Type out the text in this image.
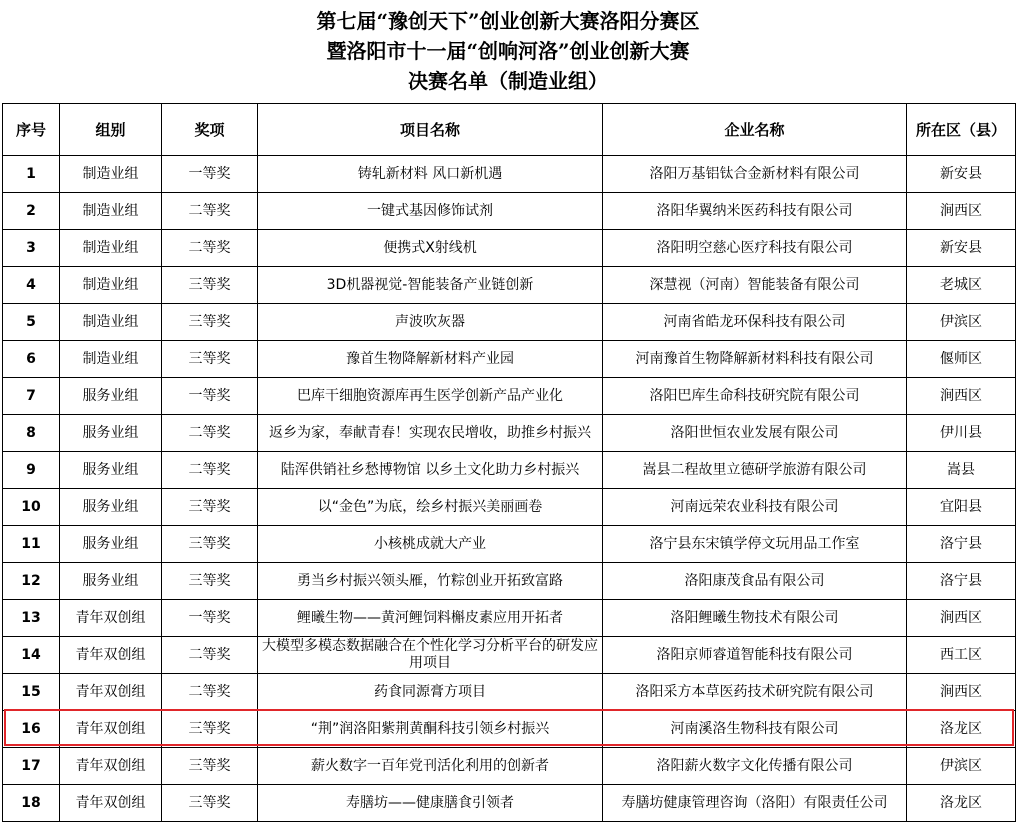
第七届“豫创天下”创业创新大赛洛阳分赛区
暨洛阳市十一届“创响河洛”创业创新大赛
决赛名单（制造业组）
序号	组别	奖项	项目名称	企业名称	所在区（县）
1	制造业组	一等奖	铸轧新材料 风口新机遇	洛阳万基铝钛合金新材料有限公司	新安县
2	制造业组	二等奖	一键式基因修饰试剂	洛阳华翼纳米医药科技有限公司	涧西区
3	制造业组	二等奖	便携式X射线机	洛阳明空慈心医疗科技有限公司	新安县
4	制造业组	三等奖	3D机器视觉-智能装备产业链创新	深慧视（河南）智能装备有限公司	老城区
5	制造业组	三等奖	声波吹灰器	河南省皓龙环保科技有限公司	伊滨区
6	制造业组	三等奖	豫首生物降解新材料产业园	河南豫首生物降解新材料科技有限公司	偃师区
7	服务业组	一等奖	巴库干细胞资源库再生医学创新产品产业化	洛阳巴库生命科技研究院有限公司	涧西区
8	服务业组	二等奖	返乡为家，奉献青春！实现农民增收，助推乡村振兴	洛阳世恒农业发展有限公司	伊川县
9	服务业组	二等奖	陆浑供销社乡愁博物馆 以乡土文化助力乡村振兴	嵩县二程故里立德研学旅游有限公司	嵩县
10	服务业组	三等奖	以“金色”为底，绘乡村振兴美丽画卷	河南远荣农业科技有限公司	宜阳县
11	服务业组	三等奖	小核桃成就大产业	洛宁县东宋镇学停文玩用品工作室	洛宁县
12	服务业组	三等奖	勇当乡村振兴领头雁，竹粽创业开拓致富路	洛阳康茂食品有限公司	洛宁县
13	青年双创组	一等奖	鲤曦生物——黄河鲤饲料槲皮素应用开拓者	洛阳鲤曦生物技术有限公司	涧西区
14	青年双创组	二等奖	大模型多模态数据融合在个性化学习分析平台的研发应用项目	洛阳京师睿道智能科技有限公司	西工区
15	青年双创组	二等奖	药食同源膏方项目	洛阳采方本草医药技术研究院有限公司	涧西区
16	青年双创组	三等奖	“荆”润洛阳紫荆黄酮科技引领乡村振兴	河南溪洛生物科技有限公司	洛龙区
17	青年双创组	三等奖	薪火数字一百年党刊活化利用的创新者	洛阳薪火数字文化传播有限公司	伊滨区
18	青年双创组	三等奖	寿膳坊——健康膳食引领者	寿膳坊健康管理咨询（洛阳）有限责任公司	洛龙区
